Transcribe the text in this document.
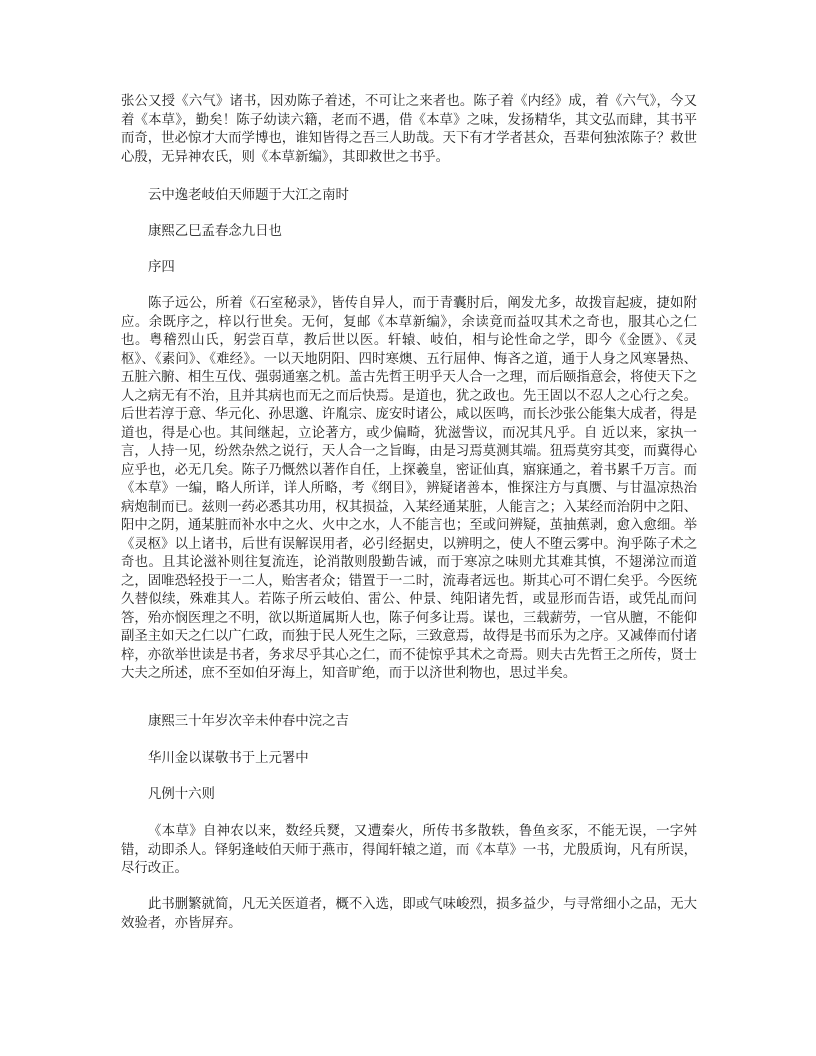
张公又授《六气》诸书，因劝陈子着述，不可让之来者也。陈子着《内经》成，着《六气》，今又着《本草》，勤矣！陈子幼读六籍，老而不遇，借《本草》之味，发扬精华，其文弘而肆，其书平而奇，世必惊才大而学博也，谁知皆得之吾三人助哉。天下有才学者甚众，吾辈何独浓陈子？救世心殷，无异神农氏，则《本草新编》，其即救世之书乎。

云中逸老岐伯天师题于大江之南时

康熙乙巳孟春念九日也

序四

陈子远公，所着《石室秘录》，皆传自异人，而于青囊肘后，阐发尤多，故拨盲起疲，捷如附应。余既序之，梓以行世矣。无何，复邮《本草新编》，余读竟而益叹其术之奇也，服其心之仁也。粤稽烈山氏，躬尝百草，教后世以医。轩辕、岐伯，相与论性命之学，即今《金匮》、《灵枢》、《素问》、《难经》。一以天地阴阳、四时寒燠、五行屈伸、悔吝之道，通于人身之风寒暑热、五脏六腑、相生互伐、强弱通塞之机。盖古先哲王明乎天人合一之理，而后颐指意会，将使天下之人之病无有不治，且并其病也而无之而后快焉。是道也，犹之政也。先王固以不忍人之心行之矣。后世若淳于意、华元化、孙思邈、许胤宗、庞安时诸公，咸以医鸣，而长沙张公能集大成者，得是道也，得是心也。其间继起，立论著方，或少偏畸，犹滋訾议，而况其凡乎。自 近以来，家执一言，人持一见，纷然杂然之说行，天人合一之旨晦，由是习焉莫测其端。狃焉莫穷其变，而冀得心应乎也，必无几矣。陈子乃慨然以著作自任，上探羲皇，密证仙真，寤寐通之，着书累千万言。而《本草》一编，略人所详，详人所略，考《纲目》，辨疑诸善本，惟探注方与真赝、与甘温凉热治病炮制而已。兹则一药必悉其功用，权其损益，入某经通某脏，人能言之；入某经而治阴中之阳、阳中之阴，通某脏而补水中之火、火中之水，人不能言也；至或问辨疑，茧抽蕉剥，愈入愈细。举《灵枢》以上诸书，后世有误解误用者，必引经据史，以辨明之，使人不堕云雾中。洵乎陈子术之奇也。且其论滋补则往复流连，论消散则殷勤告诫，而于寒凉之味则尤其难其慎，不翅涕泣而道之，固唯恐轻投于一二人，贻害者众；错置于一二时，流毒者远也。斯其心可不谓仁矣乎。今医统久替似续，殊难其人。若陈子所云岐伯、雷公、仲景、纯阳诸先哲，或显形而告语，或凭乩而问答，殆亦悯医理之不明，欲以斯道属斯人也，陈子何多让焉。谋也，三载薪劳，一官从膻，不能仰副圣主如天之仁以广仁政，而独于民人死生之际，三致意焉，故得是书而乐为之序。又减俸而付诸梓，亦欲举世读是书者，务求尽乎其心之仁，而不徒惊乎其术之奇焉。则夫古先哲王之所传，贤士大夫之所述，庶不至如伯牙海上，知音旷绝，而于以济世利物也，思过半矣。

康熙三十年岁次辛未仲春中浣之吉

华川金以谋敬书于上元署中

凡例十六则

《本草》自神农以来，数经兵燹，又遭秦火，所传书多散轶，鲁鱼亥豕，不能无误，一字舛错，动即杀人。铎躬逢岐伯天师于燕市，得闻轩辕之道，而《本草》一书，尤殷质询，凡有所误，尽行改正。

此书删繁就简，凡无关医道者，概不入选，即或气味峻烈，损多益少，与寻常细小之品，无大效验者，亦皆屏弃。
